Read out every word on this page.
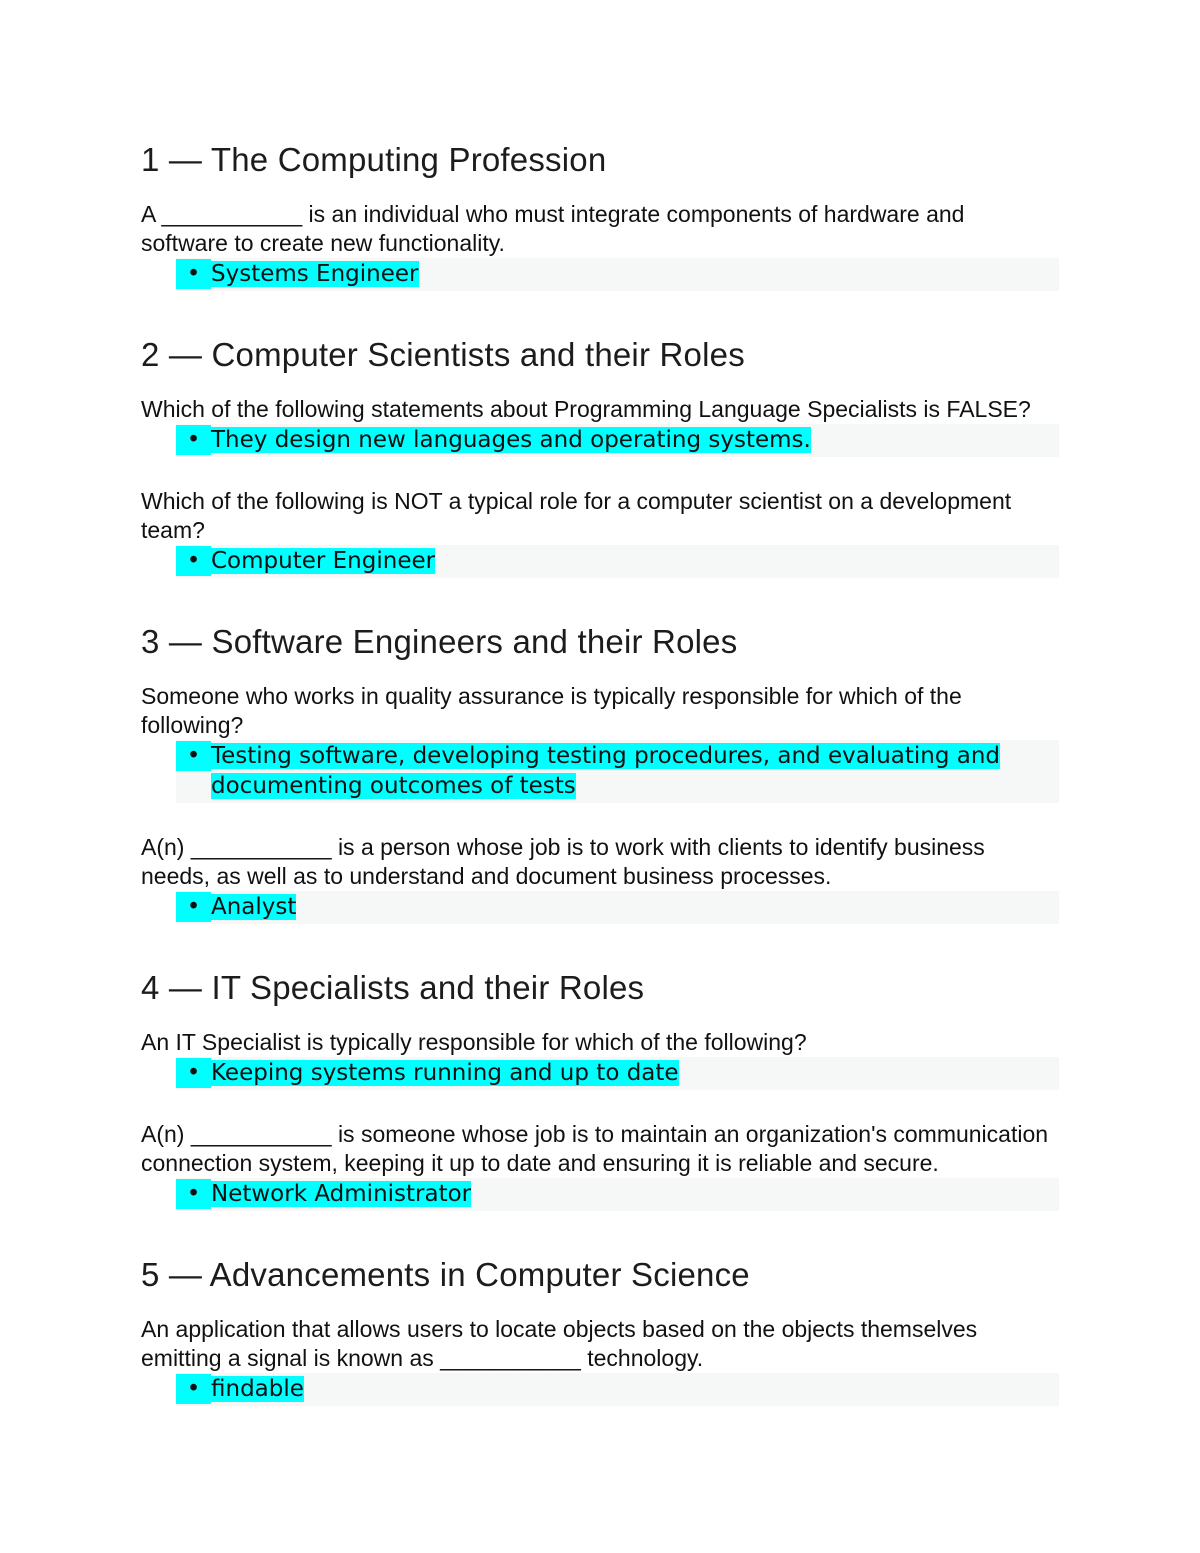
1 — The Computing Profession

A ___________ is an individual who must integrate components of hardware and software to create new functionality.

• Systems Engineer
2 — Computer Scientists and their Roles

Which of the following statements about Programming Language Specialists is FALSE?

• They design new languages and operating systems.

Which of the following is NOT a typical role for a computer scientist on a development team?

• Computer Engineer
3 — Software Engineers and their Roles

Someone who works in quality assurance is typically responsible for which of the following?

• Testing software, developing testing procedures, and evaluating and documenting outcomes of tests

A(n) ___________ is a person whose job is to work with clients to identify business needs, as well as to understand and document business processes.

• Analyst
4 — IT Specialists and their Roles

An IT Specialist is typically responsible for which of the following?

• Keeping systems running and up to date

A(n) ___________ is someone whose job is to maintain an organization's communication connection system, keeping it up to date and ensuring it is reliable and secure.

• Network Administrator
5 — Advancements in Computer Science

An application that allows users to locate objects based on the objects themselves emitting a signal is known as ___________ technology.

• findable
